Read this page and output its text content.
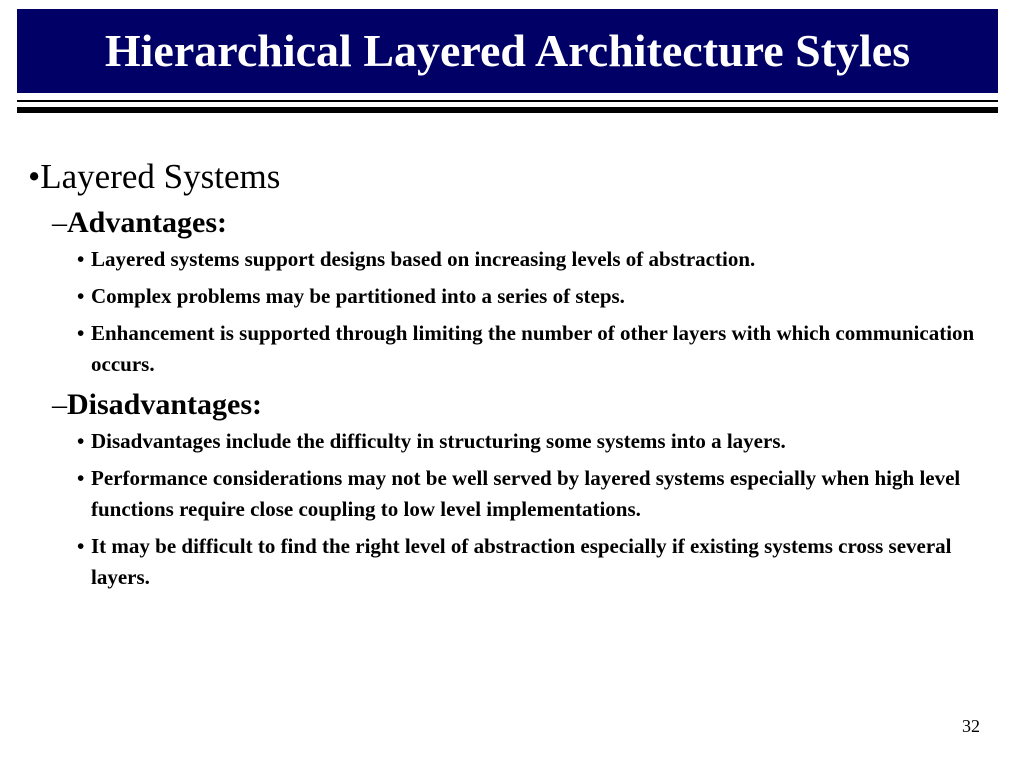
Hierarchical Layered Architecture Styles
•Layered Systems
–Advantages:
• Layered systems support designs based on increasing levels of abstraction.
• Complex problems may be partitioned into a series of steps.
• Enhancement is supported through limiting the number of other layers with which communication occurs.
–Disadvantages:
• Disadvantages include the difficulty in structuring some systems into a layers.
• Performance considerations may not be well served by layered systems especially when high level functions require close coupling to low level implementations.
• It may be difficult to find the right level of abstraction especially if existing systems cross several layers.
32
